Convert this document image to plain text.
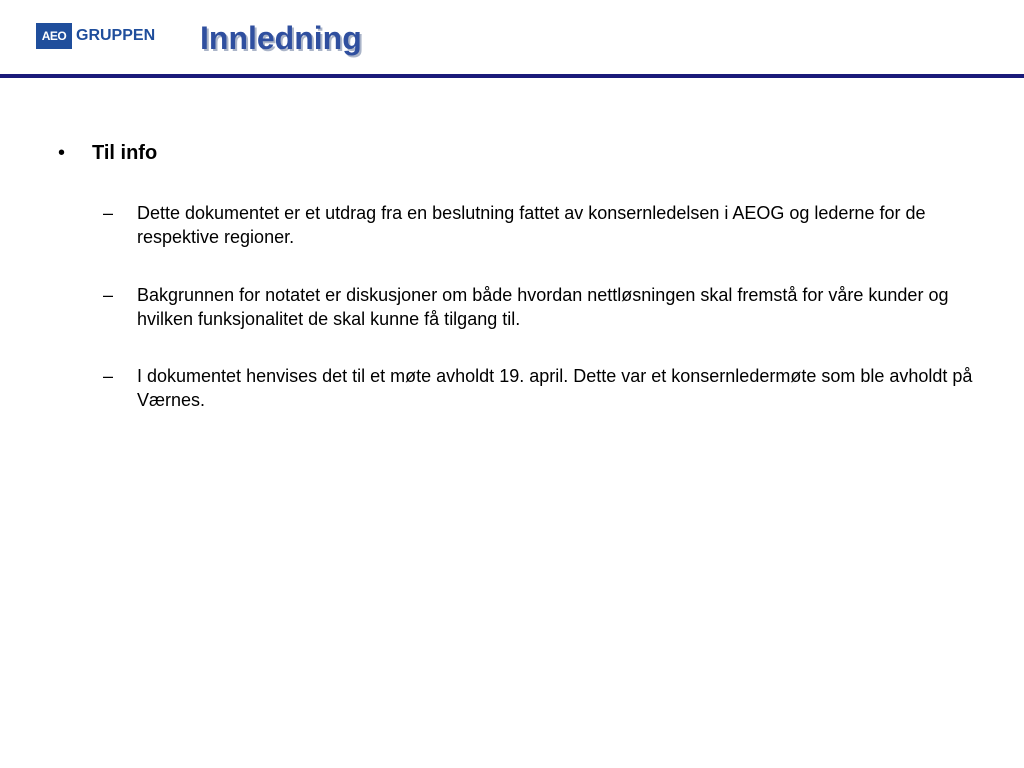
AEO GRUPPEN Innledning
•	Til info
–	Dette dokumentet er et utdrag fra en beslutning fattet av konsernledelsen i AEOG og lederne for de respektive regioner.
–	Bakgrunnen for notatet er diskusjoner om både hvordan nettløsningen skal fremstå for våre kunder og hvilken funksjonalitet de skal kunne få tilgang til.
–	I dokumentet henvises det til et møte avholdt 19. april. Dette var et konsernledermøte som ble avholdt på Værnes.
